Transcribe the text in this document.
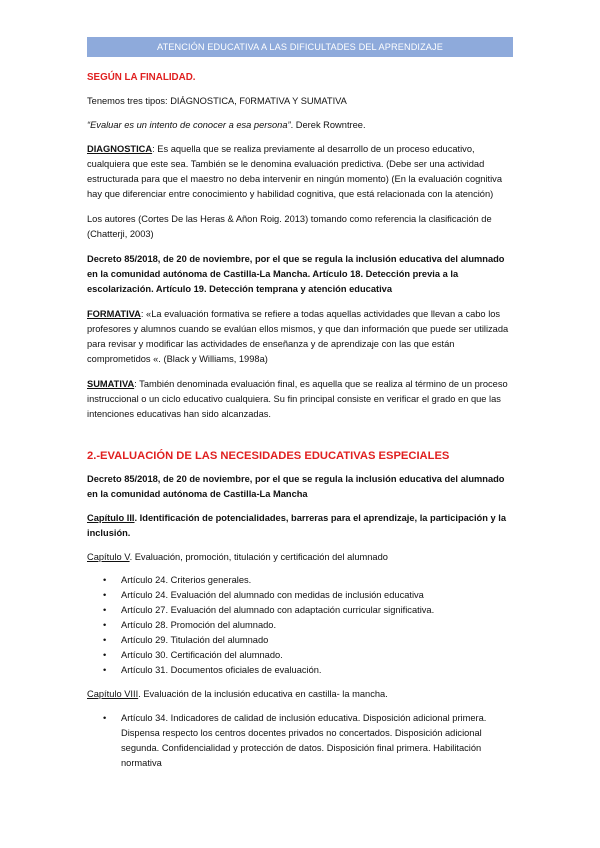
ATENCIÓN EDUCATIVA A LAS DIFICULTADES DEL APRENDIZAJE

SEGÚN LA FINALIDAD.

Tenemos tres tipos: DIÁGNOSTICA, F0RMATIVA Y SUMATIVA

“Evaluar es un intento de conocer a esa persona”. Derek Rowntree.

DIAGNOSTICA: Es aquella que se realiza previamente al desarrollo de un proceso educativo, cualquiera que este sea. También se le denomina evaluación predictiva. (Debe ser una actividad estructurada para que el maestro no deba intervenir en ningún momento) (En la evaluación cognitiva hay que diferenciar entre conocimiento y habilidad cognitiva, que está relacionada con la atención)

Los autores (Cortes De las Heras & Añon Roig. 2013) tomando como referencia la clasificación de (Chatterji, 2003)

Decreto 85/2018, de 20 de noviembre, por el que se regula la inclusión educativa del alumnado en la comunidad autónoma de Castilla-La Mancha. Artículo 18. Detección previa a la escolarización. Artículo 19. Detección temprana y atención educativa

FORMATIVA: «La evaluación formativa se refiere a todas aquellas actividades que llevan a cabo los profesores y alumnos cuando se evalúan ellos mismos, y que dan información que puede ser utilizada para revisar y modificar las actividades de enseñanza y de aprendizaje con las que están comprometidos «. (Black y Williams, 1998a)

SUMATIVA: También denominada evaluación final, es aquella que se realiza al término de un proceso instruccional o un ciclo educativo cualquiera. Su fin principal consiste en verificar el grado en que las intenciones educativas han sido alcanzadas.

2.-EVALUACIÓN DE LAS NECESIDADES EDUCATIVAS ESPECIALES

Decreto 85/2018, de 20 de noviembre, por el que se regula la inclusión educativa del alumnado en la comunidad autónoma de Castilla-La Mancha

Capítulo III. Identificación de potencialidades, barreras para el aprendizaje, la participación y la inclusión.

Capítulo V. Evaluación, promoción, titulación y certificación del alumnado

• Artículo 24. Criterios generales.
• Artículo 24. Evaluación del alumnado con medidas de inclusión educativa
• Artículo 27. Evaluación del alumnado con adaptación curricular significativa.
• Artículo 28. Promoción del alumnado.
• Artículo 29. Titulación del alumnado
• Artículo 30. Certificación del alumnado.
• Artículo 31. Documentos oficiales de evaluación.

Capítulo VIII. Evaluación de la inclusión educativa en castilla- la mancha.

• Artículo 34. Indicadores de calidad de inclusión educativa. Disposición adicional primera. Dispensa respecto los centros docentes privados no concertados. Disposición adicional segunda. Confidencialidad y protección de datos. Disposición final primera. Habilitación normativa
